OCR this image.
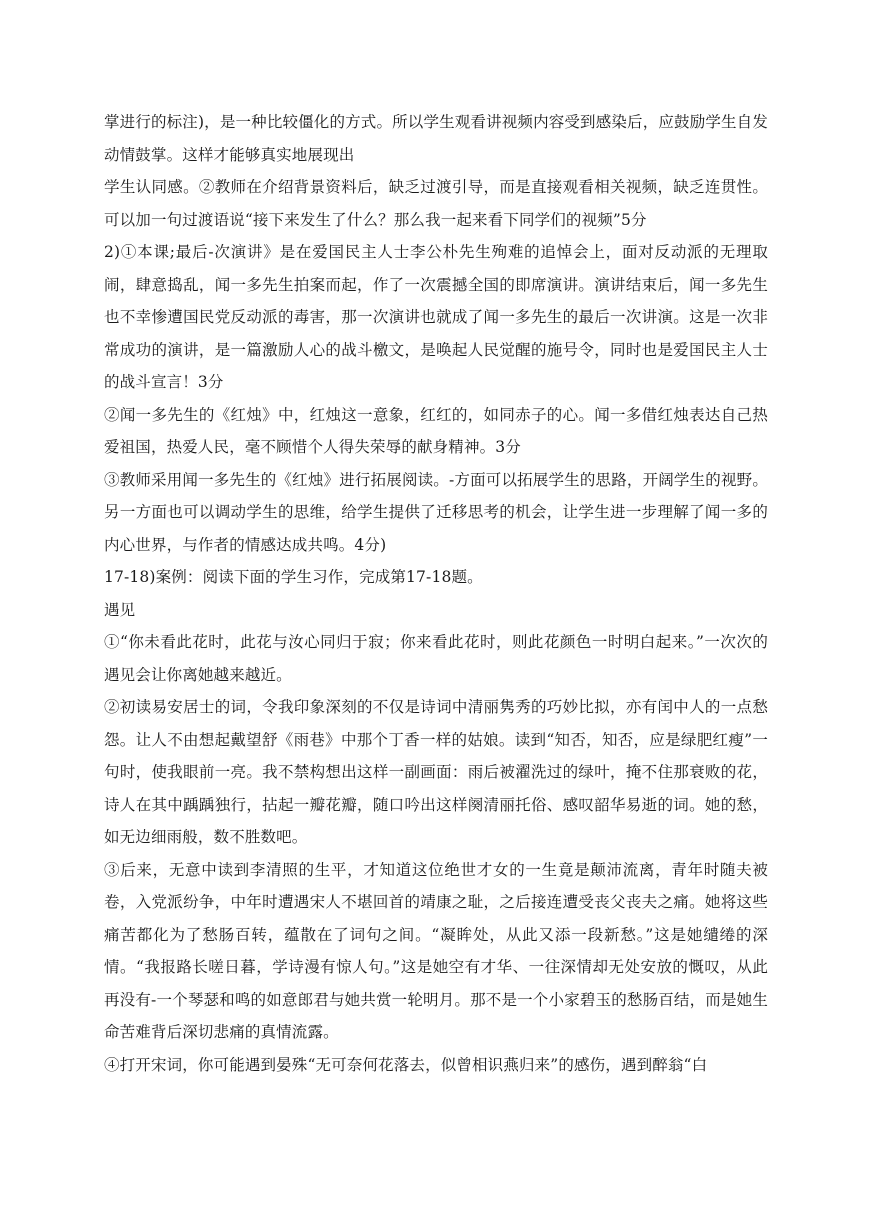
掌进行的标注)，是一种比较僵化的方式。所以学生观看讲视频内容受到感染后，应鼓励学生自发动情鼓掌。这样才能够真实地展现出

学生认同感。②教师在介绍背景资料后，缺乏过渡引导，而是直接观看相关视频，缺乏连贯性。可以加一句过渡语说“接下来发生了什么？那么我一起来看下同学们的视频”5分

2)①本课;最后-次演讲》是在爱国民主人士李公朴先生殉难的追悼会上，面对反动派的无理取闹，肆意捣乱，闻一多先生拍案而起，作了一次震撼全国的即席演讲。演讲结束后，闻一多先生也不幸惨遭国民党反动派的毒害，那一次演讲也就成了闻一多先生的最后一次讲演。这是一次非常成功的演讲，是一篇激励人心的战斗檄文，是唤起人民觉醒的施号令，同时也是爱国民主人士的战斗宣言！3分

②闻一多先生的《红烛》中，红烛这一意象，红红的，如同赤子的心。闻一多借红烛表达自己热爱祖国，热爱人民，毫不顾惜个人得失荣辱的献身精神。3分

③教师采用闻一多先生的《红烛》进行拓展阅读。-方面可以拓展学生的思路，开阔学生的视野。另一方面也可以调动学生的思维，给学生提供了迁移思考的机会，让学生进一步理解了闻一多的内心世界，与作者的情感达成共鸣。4分)

17-18)案例：阅读下面的学生习作，完成第17-18题。

遇见

①“你未看此花时，此花与汝心同归于寂；你来看此花时，则此花颜色一时明白起来。”一次次的遇见会让你离她越来越近。

②初读易安居士的词，令我印象深刻的不仅是诗词中清丽隽秀的巧妙比拟，亦有闰中人的一点愁怨。让人不由想起戴望舒《雨巷》中那个丁香一样的姑娘。读到“知否，知否，应是绿肥红瘦”一句时，使我眼前一亮。我不禁构想出这样一副画面：雨后被濯洗过的绿叶，掩不住那衰败的花，诗人在其中踽踽独行，拈起一瓣花瓣，随口吟出这样阕清丽托俗、感叹韶华易逝的词。她的愁，如无边细雨般，数不胜数吧。

③后来，无意中读到李清照的生平，才知道这位绝世才女的一生竟是颠沛流离，青年时随夫被卷，入党派纷争，中年时遭遇宋人不堪回首的靖康之耻，之后接连遭受丧父丧夫之痛。她将这些痛苦都化为了愁肠百转，蕴散在了词句之间。“凝眸处，从此又添一段新愁。”这是她缱绻的深情。“我报路长嗟日暮，学诗漫有惊人句。”这是她空有才华、一往深情却无处安放的慨叹，从此再没有-一个琴瑟和鸣的如意郎君与她共赏一轮明月。那不是一个小家碧玉的愁肠百结，而是她生命苦难背后深切悲痛的真情流露。

④打开宋词，你可能遇到晏殊“无可奈何花落去，似曾相识燕归来”的感伤，遇到醉翁“白
